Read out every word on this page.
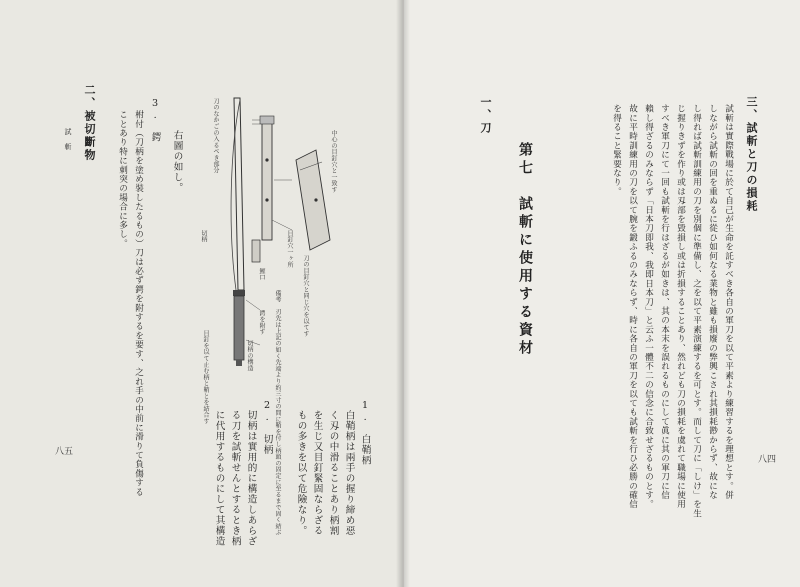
1.　白鞘柄
白鞘柄は兩手の握り締め惡
く刄の中滑ることあり柄割
を生じ又目釘緊固ならざる
もの多きを以て危險なり。
2.　切柄
切柄は實用的に構造しあらざ
る刀を試斬せんとするとき柄
に代用するものにして其構造
刀のなかごの入るべき部分
切柄
中心の目釘穴と一致す
目釘穴一ヶ所
刀の目釘穴と同じ穴を以てす
鯉口
鍔を附す 備考　刃先は上記の如く先端より約三寸の間に鞘を付し柄頭の固定に至るまで固く結ぶ
切柄の構造
目釘を以て止む柄と鞘とを結合す
右圖の如し。
3.　鍔
柎付（刀柄を塗め裝したるもの）刀は必ず鍔を附するを要す、之れ手の中前に滑りて負傷する
ことあり特に刺突の場合に多し。
二、被切斷物
試　斬
八五
三、試斬と刀の損耗
試斬は實際戰場に於て自己が生命を託すべき各自の軍刀を以て平素より練習するを理想とす。併
しながら試斬の回を重ぬるに從ひ如何なる業物と雖も損廢の弊興こされ其損耗尠からず、故にな
し得れば試斬訓練用の刀を別個に準備し、之を以て平素演練するを可とす。而して刀に「しけ」を生
じ握りきずを作り或は刄部を毀損し或は折損することあり、然れども刀の損耗を虞れて職場に使用
すべき軍刀にて一回も試斬を行はざるが如きは、其の本末を誤れるものにして眞に其の軍刀に信
賴し得ざるのみならず「日本刀即我、我即日本刀」と云ふ一體不二の信念に合致せざるものとす。
故に平時訓練用の刀を以て腕を鍛ふるのみならず、時に各自の軍刀を以ても試斬を行ひ必勝の確信
を得ること緊要なり。
第七　試斬に使用する資材
一、刀
八四
